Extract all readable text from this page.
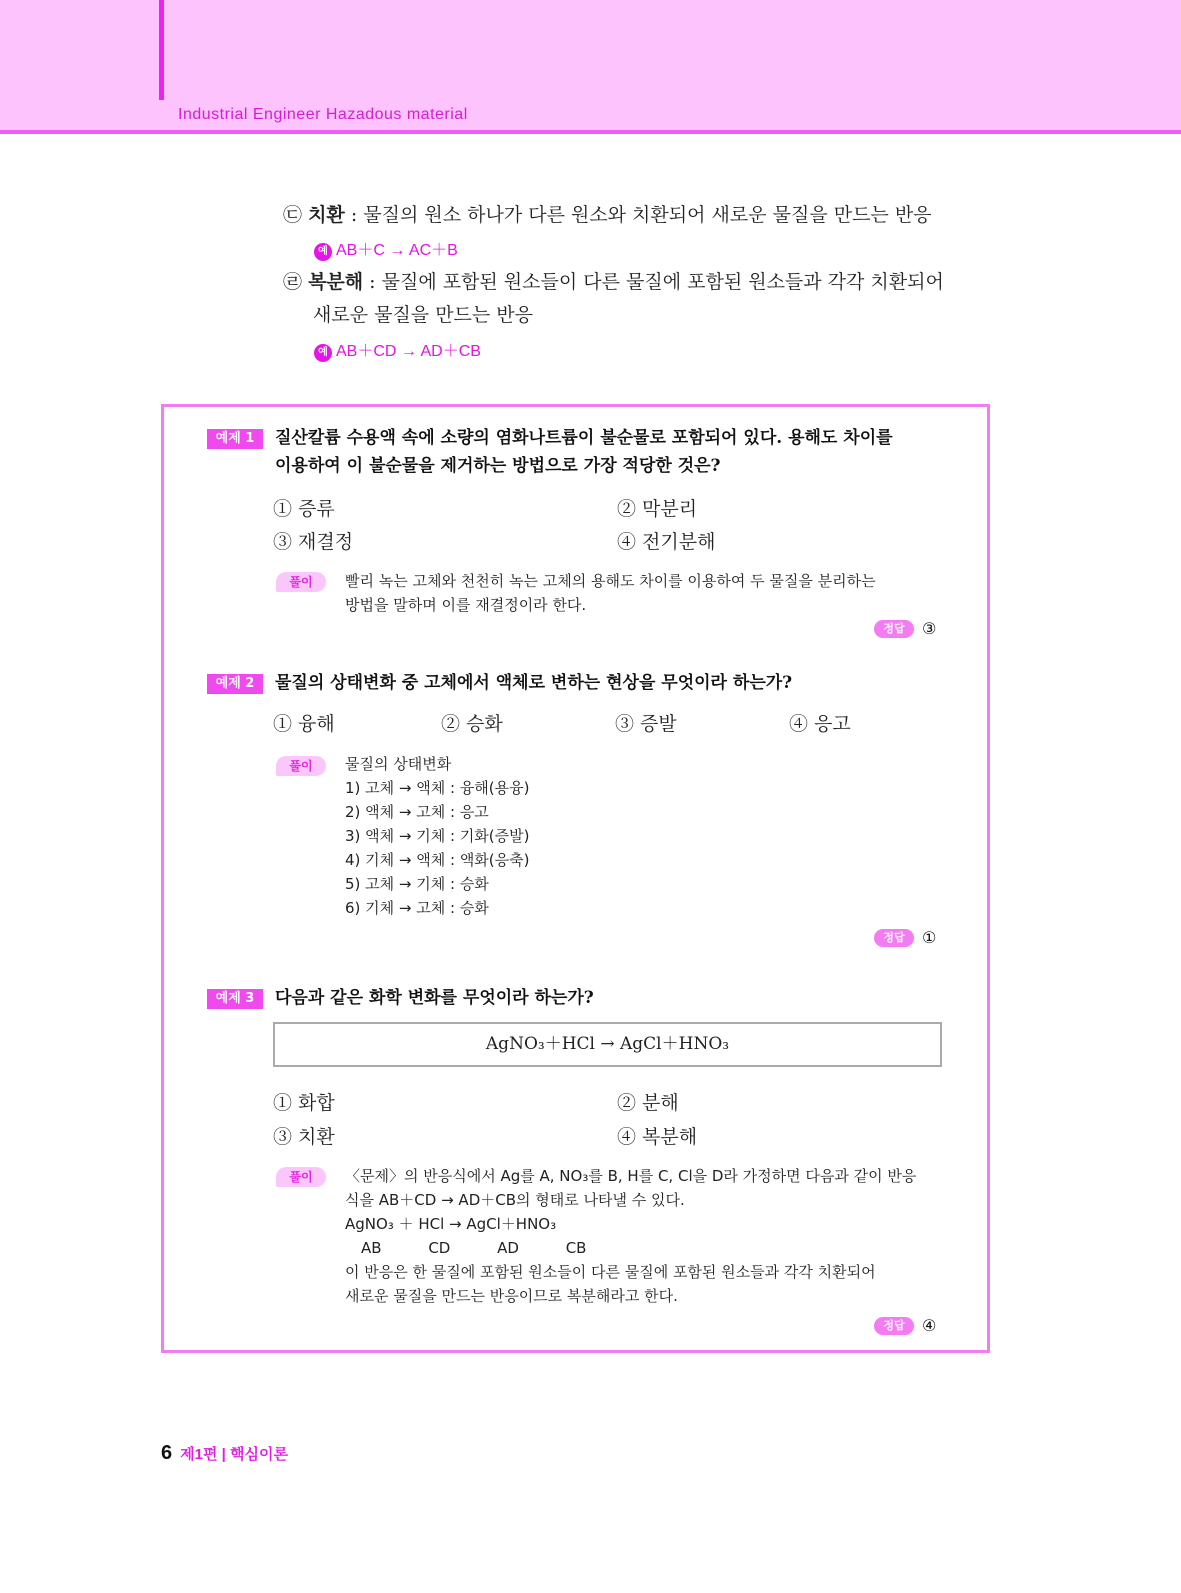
Industrial Engineer Hazadous material
㉢ 치환 : 물질의 원소 하나가 다른 원소와 치환되어 새로운 물질을 만드는 반응
예 AB＋C → AC＋B
㉣ 복분해 : 물질에 포함된 원소들이 다른 물질에 포함된 원소들과 각각 치환되어
새로운 물질을 만드는 반응
예 AB＋CD → AD＋CB
예제 1	질산칼륨 수용액 속에 소량의 염화나트륨이 불순물로 포함되어 있다. 용해도 차이를
이용하여 이 불순물을 제거하는 방법으로 가장 적당한 것은?
① 증류	② 막분리
③ 재결정	④ 전기분해
풀이	빨리 녹는 고체와 천천히 녹는 고체의 용해도 차이를 이용하여 두 물질을 분리하는
방법을 말하며 이를 재결정이라 한다.
정답 ③
예제 2	물질의 상태변화 중 고체에서 액체로 변하는 현상을 무엇이라 하는가?
① 융해	② 승화	③ 증발	④ 응고
풀이	물질의 상태변화
1) 고체 → 액체 : 융해(용융)
2) 액체 → 고체 : 응고
3) 액체 → 기체 : 기화(증발)
4) 기체 → 액체 : 액화(응축)
5) 고체 → 기체 : 승화
6) 기체 → 고체 : 승화
정답 ①
예제 3	다음과 같은 화학 변화를 무엇이라 하는가?
AgNO₃＋HCl → AgCl＋HNO₃
① 화합	② 분해
③ 치환	④ 복분해
풀이	〈문제〉의 반응식에서 Ag를 A, NO₃를 B, H를 C, Cl을 D라 가정하면 다음과 같이 반응
식을 AB＋CD → AD＋CB의 형태로 나타낼 수 있다.
AgNO₃ ＋ HCl → AgCl＋HNO₃
AB CD AD CB
이 반응은 한 물질에 포함된 원소들이 다른 물질에 포함된 원소들과 각각 치환되어
새로운 물질을 만드는 반응이므로 복분해라고 한다.
정답 ④
6 제1편 | 핵심이론
